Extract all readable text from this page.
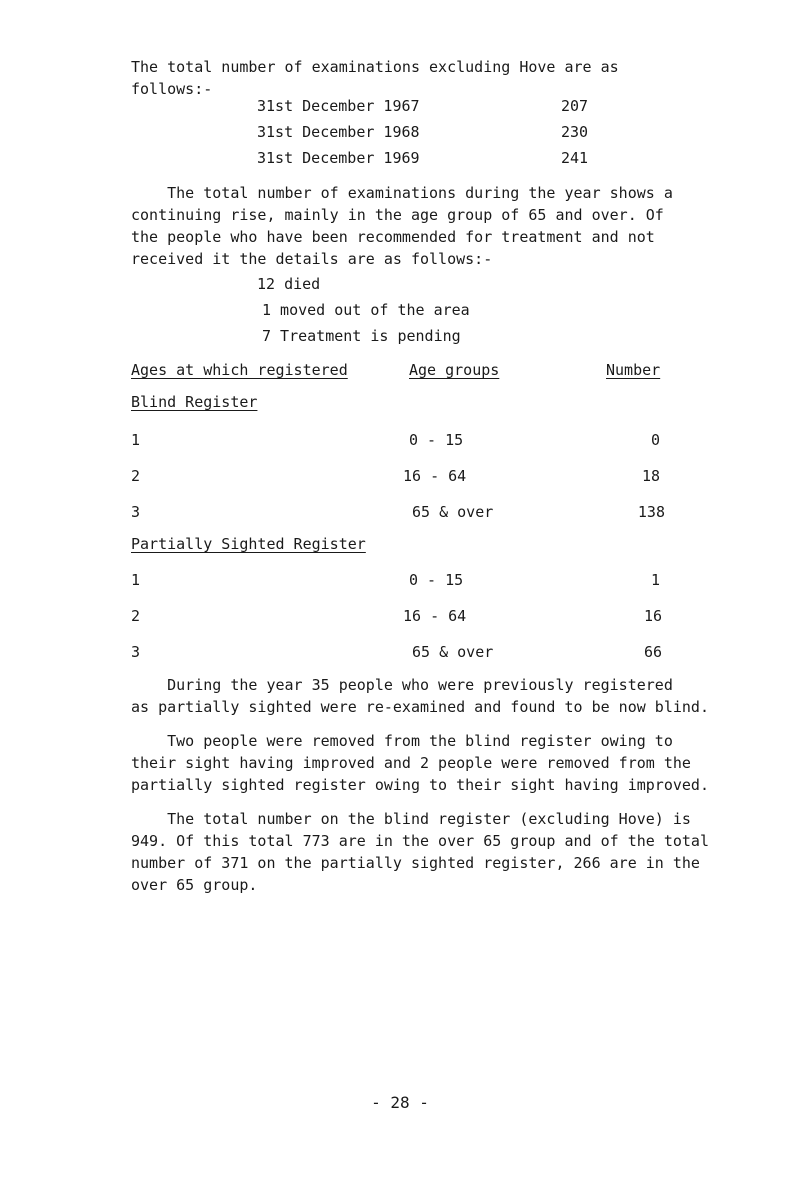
The total number of examinations excluding Hove are as
follows:-

31st December 1967	207
31st December 1968	230
31st December 1969	241

The total number of examinations during the year shows a
continuing rise, mainly in the age group of 65 and over. Of
the people who have been recommended for treatment and not
received it the details are as follows:-

12 died
1 moved out of the area
7 Treatment is pending
Ages at which registered	Age groups	Number
Blind Register
1	0 - 15	0
2	16 - 64	18
3	65 & over	138
Partially Sighted Register
1	0 - 15	1
2	16 - 64	16
3	65 & over	66

During the year 35 people who were previously registered
as partially sighted were re-examined and found to be now blind.

Two people were removed from the blind register owing to
their sight having improved and 2 people were removed from the
partially sighted register owing to their sight having improved.

The total number on the blind register (excluding Hove) is
949. Of this total 773 are in the over 65 group and of the total
number of 371 on the partially sighted register, 266 are in the
over 65 group.

- 28 -
